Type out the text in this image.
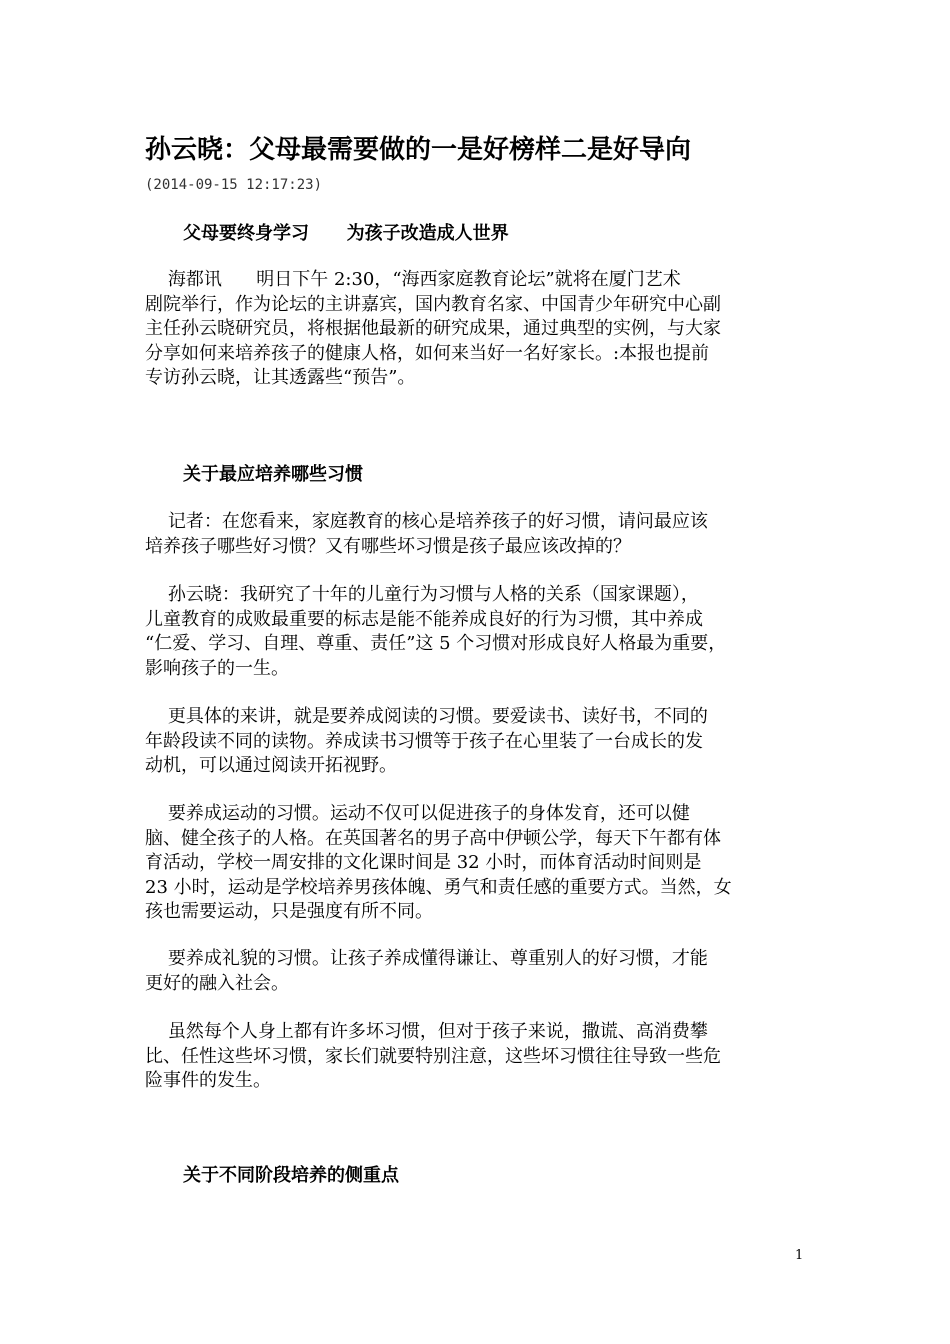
孙云晓：父母最需要做的一是好榜样二是好导向
(2014-09-15 12:17:23)
父母要终身学习      为孩子改造成人世界
海都讯      明日下午 2:30，“海西家庭教育论坛”就将在厦门艺术
剧院举行，作为论坛的主讲嘉宾，国内教育名家、中国青少年研究中心副
主任孙云晓研究员，将根据他最新的研究成果，通过典型的实例，与大家
分享如何来培养孩子的健康人格，如何来当好一名好家长。:本报也提前
专访孙云晓，让其透露些“预告”。
关于最应培养哪些习惯
记者：在您看来，家庭教育的核心是培养孩子的好习惯，请问最应该
培养孩子哪些好习惯？又有哪些坏习惯是孩子最应该改掉的？
孙云晓：我研究了十年的儿童行为习惯与人格的关系（国家课题），
儿童教育的成败最重要的标志是能不能养成良好的行为习惯，其中养成
“仁爱、学习、自理、尊重、责任”这 5 个习惯对形成良好人格最为重要，
影响孩子的一生。
更具体的来讲，就是要养成阅读的习惯。要爱读书、读好书，不同的
年龄段读不同的读物。养成读书习惯等于孩子在心里装了一台成长的发
动机，可以通过阅读开拓视野。
要养成运动的习惯。运动不仅可以促进孩子的身体发育，还可以健
脑、健全孩子的人格。在英国著名的男子高中伊顿公学，每天下午都有体
育活动，学校一周安排的文化课时间是 32 小时，而体育活动时间则是
23 小时，运动是学校培养男孩体魄、勇气和责任感的重要方式。当然，女
孩也需要运动，只是强度有所不同。
要养成礼貌的习惯。让孩子养成懂得谦让、尊重别人的好习惯，才能
更好的融入社会。
虽然每个人身上都有许多坏习惯，但对于孩子来说，撒谎、高消费攀
比、任性这些坏习惯，家长们就要特别注意，这些坏习惯往往导致一些危
险事件的发生。
关于不同阶段培养的侧重点
1
